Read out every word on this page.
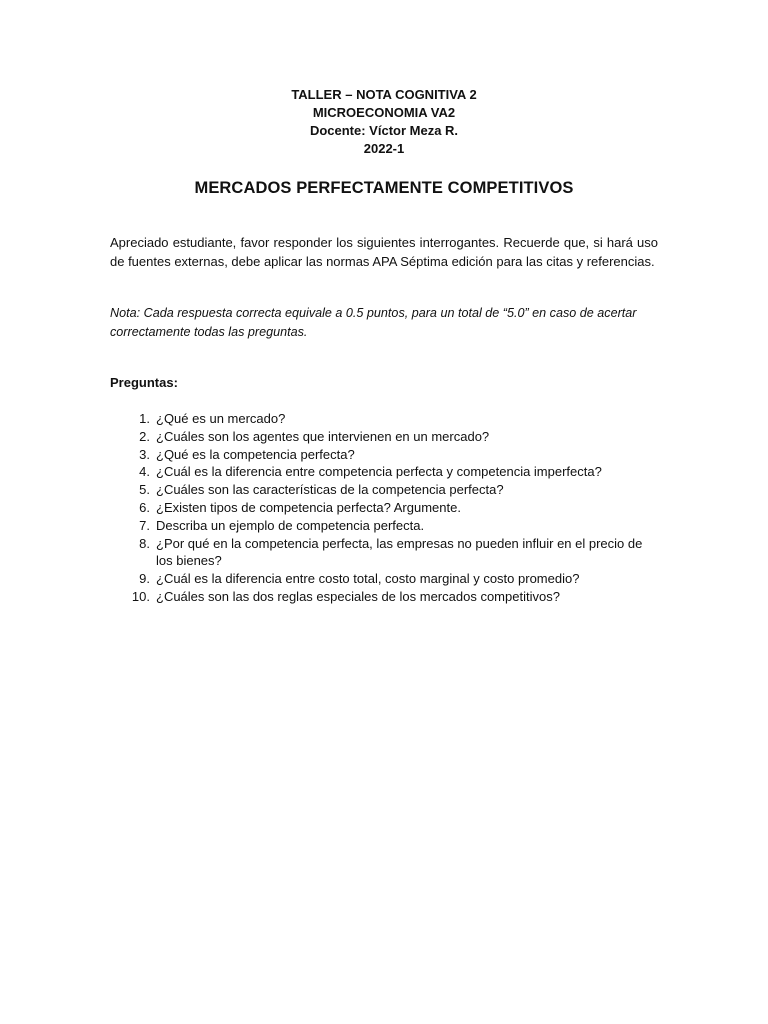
TALLER – NOTA COGNITIVA 2
MICROECONOMIA VA2
Docente: Víctor Meza R.
2022-1
MERCADOS PERFECTAMENTE COMPETITIVOS
Apreciado estudiante, favor responder los siguientes interrogantes. Recuerde que, si hará uso de fuentes externas, debe aplicar las normas APA Séptima edición para las citas y referencias.
Nota: Cada respuesta correcta equivale a 0.5 puntos, para un total de “5.0” en caso de acertar correctamente todas las preguntas.
Preguntas:
1. ¿Qué es un mercado?
2. ¿Cuáles son los agentes que intervienen en un mercado?
3. ¿Qué es la competencia perfecta?
4. ¿Cuál es la diferencia entre competencia perfecta y competencia imperfecta?
5. ¿Cuáles son las características de la competencia perfecta?
6. ¿Existen tipos de competencia perfecta? Argumente.
7. Describa un ejemplo de competencia perfecta.
8. ¿Por qué en la competencia perfecta, las empresas no pueden influir en el precio de los bienes?
9. ¿Cuál es la diferencia entre costo total, costo marginal y costo promedio?
10. ¿Cuáles son las dos reglas especiales de los mercados competitivos?
